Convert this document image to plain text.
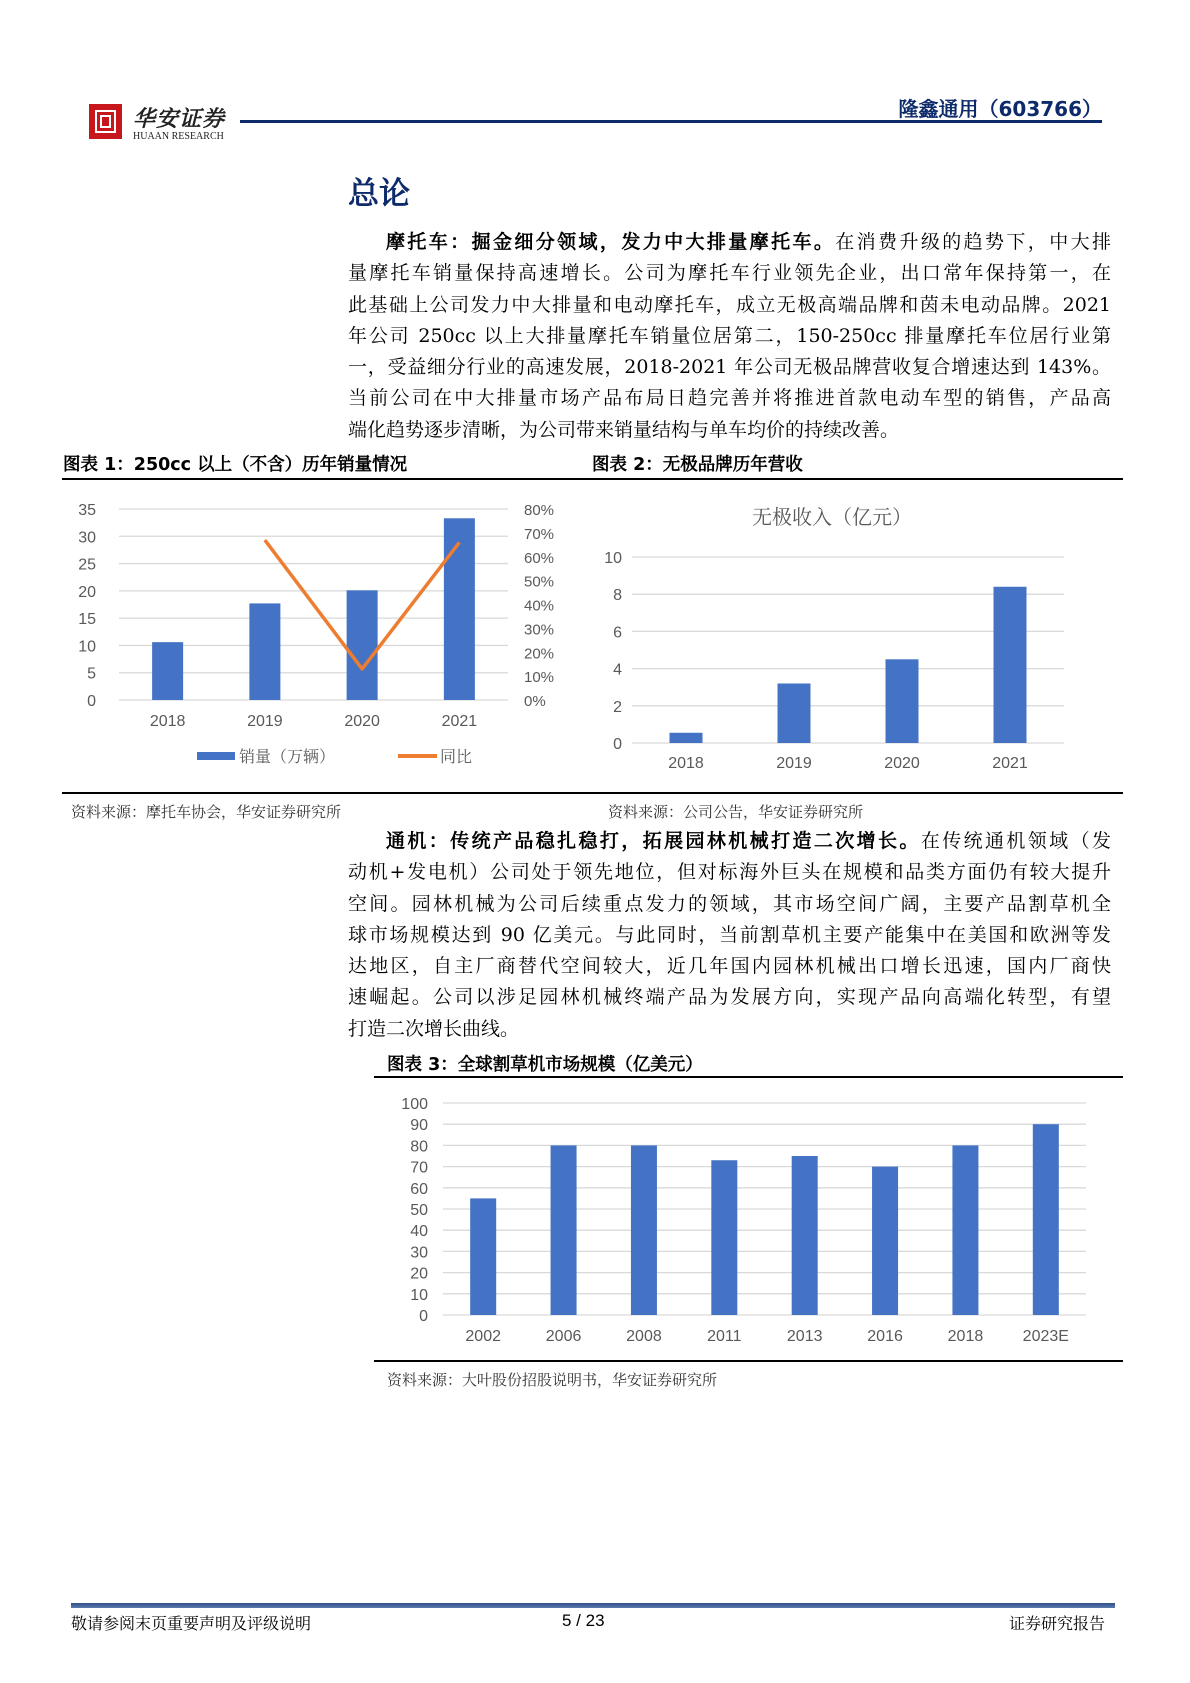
华安证券
HUAAN RESEARCH
隆鑫通用（603766）
总论
摩托车：掘金细分领域，发力中大排量摩托车。在消费升级的趋势下，中大排
量摩托车销量保持高速增长。公司为摩托车行业领先企业，出口常年保持第一，在
此基础上公司发力中大排量和电动摩托车，成立无极高端品牌和茵未电动品牌。2021
年公司 250cc 以上大排量摩托车销量位居第二，150-250cc 排量摩托车位居行业第
一，受益细分行业的高速发展，2018-2021 年公司无极品牌营收复合增速达到 143%。
当前公司在中大排量市场产品布局日趋完善并将推进首款电动车型的销售，产品高
端化趋势逐步清晰，为公司带来销量结构与单车均价的持续改善。
图表 1：250cc 以上（不含）历年销量情况	图表 2：无极品牌历年营收
0
5
10
15
20
25
30
35
2018	2019	2020	2021
0%
10%
20%
30%
40%
50%
60%
70%
80%
销量（万辆）	同比
无极收入（亿元）
0
2
4
6
8
10
2018	2019	2020	2021
资料来源：摩托车协会，华安证券研究所	资料来源：公司公告，华安证券研究所
通机：传统产品稳扎稳打，拓展园林机械打造二次增长。在传统通机领域（发
动机+发电机）公司处于领先地位，但对标海外巨头在规模和品类方面仍有较大提升
空间。园林机械为公司后续重点发力的领域，其市场空间广阔，主要产品割草机全
球市场规模达到 90 亿美元。与此同时，当前割草机主要产能集中在美国和欧洲等发
达地区，自主厂商替代空间较大，近几年国内园林机械出口增长迅速，国内厂商快
速崛起。公司以涉足园林机械终端产品为发展方向，实现产品向高端化转型，有望
打造二次增长曲线。
图表 3：全球割草机市场规模（亿美元）
0
10
20
30
40
50
60
70
80
90
100
2002	2006	2008	2011	2013	2016	2018 2023E
资料来源：大叶股份招股说明书，华安证券研究所
敬请参阅末页重要声明及评级说明	5 / 23	证券研究报告
